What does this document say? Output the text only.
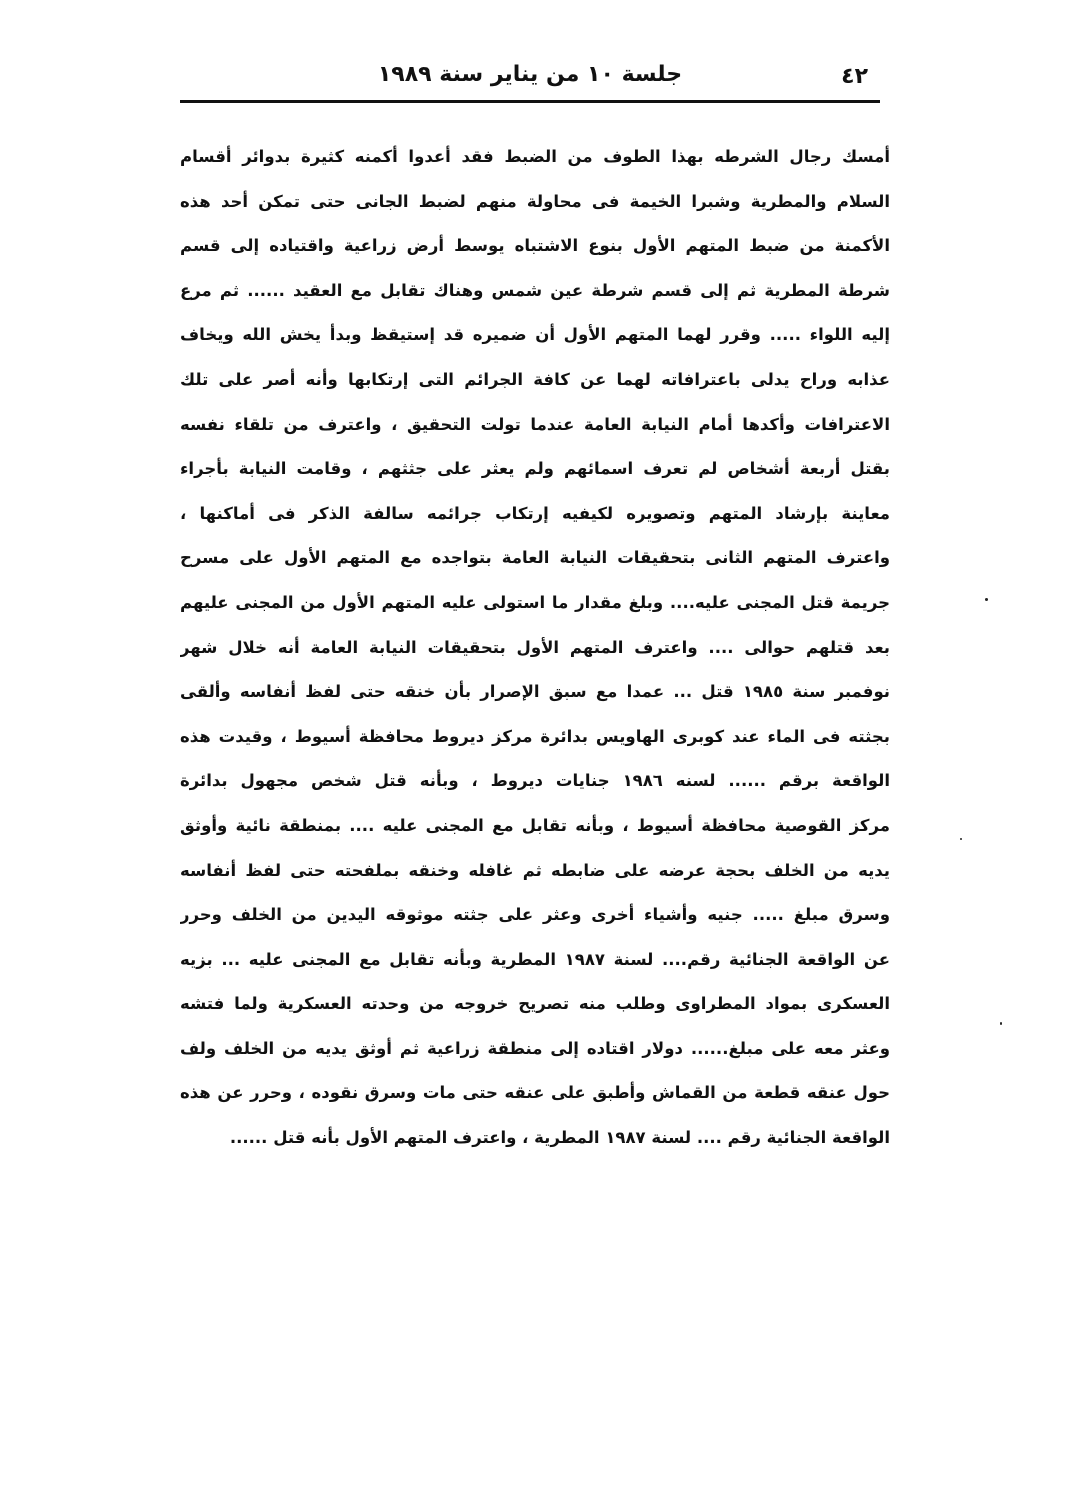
٤٢
جلسة ١٠ من يناير سنة ١٩٨٩
أمسك رجال الشرطه بهذا الطوف من الضبط فقد أعدوا أكمنه كثيرة بدوائر أقسام
السلام والمطرية وشبرا الخيمة فى محاولة منهم لضبط الجانى حتى تمكن أحد هذه
الأكمنة من ضبط المتهم الأول بنوع الاشتباه يوسط أرض زراعية واقتياده إلى قسم
شرطة المطرية ثم إلى قسم شرطة عين شمس وهناك تقابل مع العقيد ...... ثم مرع
إليه اللواء ..... وقرر لهما المتهم الأول أن ضميره قد إستيقظ وبدأ يخش الله ويخاف
عذابه وراح يدلى باعترافاته لهما عن كافة الجرائم التى إرتكابها وأنه أصر على تلك
الاعترافات وأكدها أمام النيابة العامة عندما تولت التحقيق ، واعترف من تلقاء نفسه
بقتل أربعة أشخاص لم تعرف اسمائهم ولم يعثر على جثثهم ، وقامت النيابة بأجراء
معاينة بإرشاد المتهم وتصويره لكيفيه إرتكاب جرائمه سالفة الذكر فى أماكنها ،
واعترف المتهم الثانى بتحقيقات النيابة العامة بتواجده مع المتهم الأول على مسرح
جريمة قتل المجنى عليه.... وبلغ مقدار ما استولى عليه المتهم الأول من المجنى عليهم
بعد قتلهم حوالى .... واعترف المتهم الأول بتحقيقات النيابة العامة أنه خلال شهر
نوفمبر سنة ١٩٨٥ قتل ... عمدا مع سبق الإصرار بأن خنقه حتى لفظ أنفاسه وألقى
بجثته فى الماء عند كوبرى الهاويس بدائرة مركز ديروط محافظة أسيوط ، وقيدت هذه
الواقعة برقم ...... لسنه ١٩٨٦ جنايات ديروط ، وبأنه قتل شخص مجهول بدائرة
مركز القوصية محافظة أسيوط ، وبأنه تقابل مع المجنى عليه .... بمنطقة نائية وأوثق
يديه من الخلف بحجة عرضه على ضابطه ثم غافله وخنقه بملفحته حتى لفظ أنفاسه
وسرق مبلغ ..... جنيه وأشياء أخرى وعثر على جثته موثوقه اليدين من الخلف وحرر
عن الواقعة الجنائية رقم.... لسنة ١٩٨٧ المطرية وبأنه تقابل مع المجنى عليه ... بزيه
العسكرى بمواد المطراوى وطلب منه تصريح خروجه من وحدته العسكرية ولما فتشه
وعثر معه على مبلغ...... دولار اقتاده إلى منطقة زراعية ثم أوثق يديه من الخلف ولف
حول عنقه قطعة من القماش وأطبق على عنقه حتى مات وسرق نقوده ، وحرر عن هذه
الواقعة الجنائية رقم .... لسنة ١٩٨٧ المطرية ، واعترف المتهم الأول بأنه قتل ......
